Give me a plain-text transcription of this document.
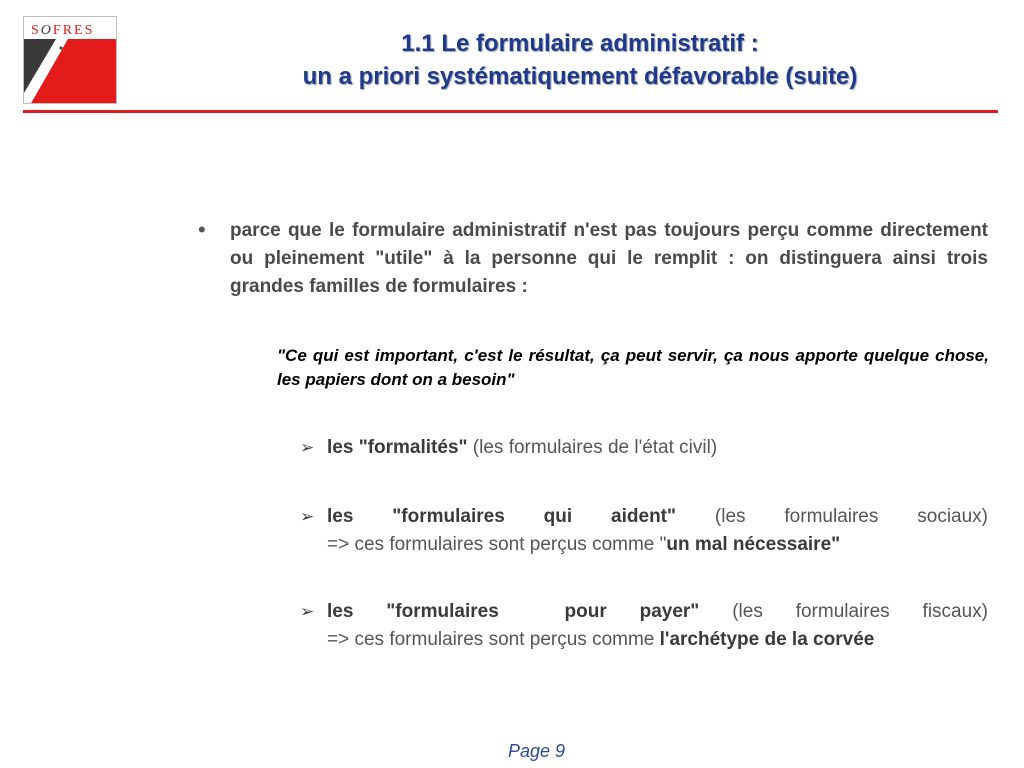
SOFRES	1.1 Le formulaire administratif :
un a priori systématiquement défavorable (suite)
• parce que le formulaire administratif n'est pas toujours perçu comme directement ou pleinement "utile" à la personne qui le remplit : on distinguera ainsi trois grandes familles de formulaires :
"Ce qui est important, c'est le résultat, ça peut servir, ça nous apporte quelque chose, les papiers dont on a besoin"
➢ les "formalités" (les formulaires de l'état civil)
➢ les "formulaires qui aident" (les formulaires sociaux)
=> ces formulaires sont perçus comme "un mal nécessaire"
➢ les "formulaires  pour payer" (les formulaires fiscaux)
=> ces formulaires sont perçus comme l'archétype de la corvée
Page 9
